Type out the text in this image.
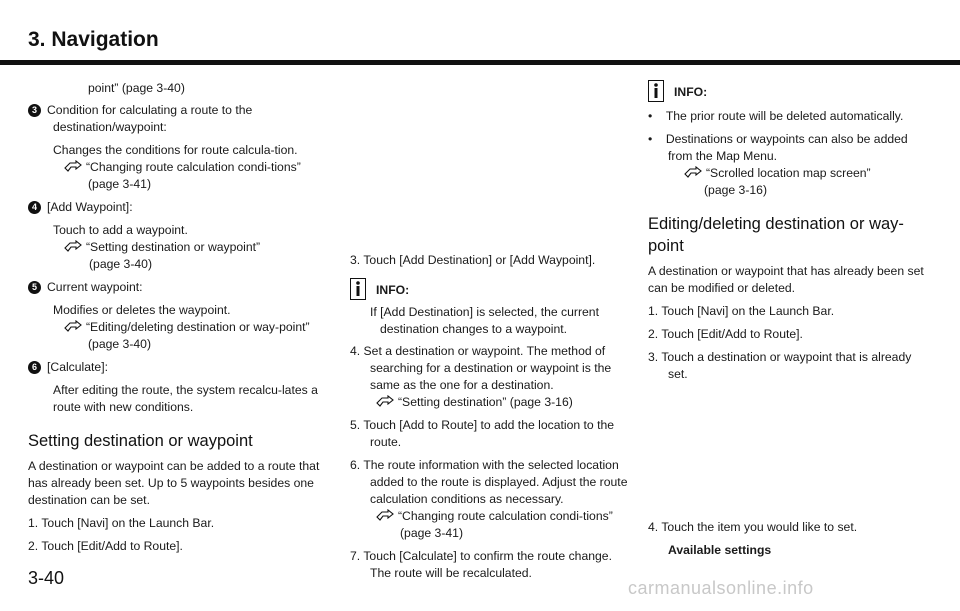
3. Navigation

point” (page 3-40)

3 Condition for calculating a route to the destination/waypoint:

Changes the conditions for route calcula-tion.

“Changing route calculation condi-tions” (page 3-41)

4 [Add Waypoint]:

Touch to add a waypoint.

“Setting destination or waypoint”

(page 3-40)

5 Current waypoint:

Modifies or deletes the waypoint.

“Editing/deleting destination or way-point” (page 3-40)

6 [Calculate]:

After editing the route, the system recalcu-lates a route with new conditions.

Setting destination or waypoint

A destination or waypoint can be added to a route that has already been set. Up to 5 waypoints besides one destination can be set.

1. Touch [Navi] on the Launch Bar.

2. Touch [Edit/Add to Route].

3. Touch [Add Destination] or [Add Waypoint].

INFO:

If [Add Destination] is selected, the current destination changes to a waypoint.

4. Set a destination or waypoint. The method of searching for a destination or waypoint is the same as the one for a destination.

“Setting destination” (page 3-16)

5. Touch [Add to Route] to add the location to the route.

6. The route information with the selected location added to the route is displayed. Adjust the route calculation conditions as necessary.

“Changing route calculation condi-tions” (page 3-41)

7. Touch [Calculate] to confirm the route change. The route will be recalculated.

INFO:

•    The prior route will be deleted automatically.

•    Destinations or waypoints can also be added from the Map Menu.

“Scrolled location map screen”

(page 3-16)

Editing/deleting destination or way-point

A destination or waypoint that has already been set can be modified or deleted.

1. Touch [Navi] on the Launch Bar.

2. Touch [Edit/Add to Route].

3. Touch a destination or waypoint that is already set.

4. Touch the item you would like to set.

Available settings

3-40	carmanualsonline.info
